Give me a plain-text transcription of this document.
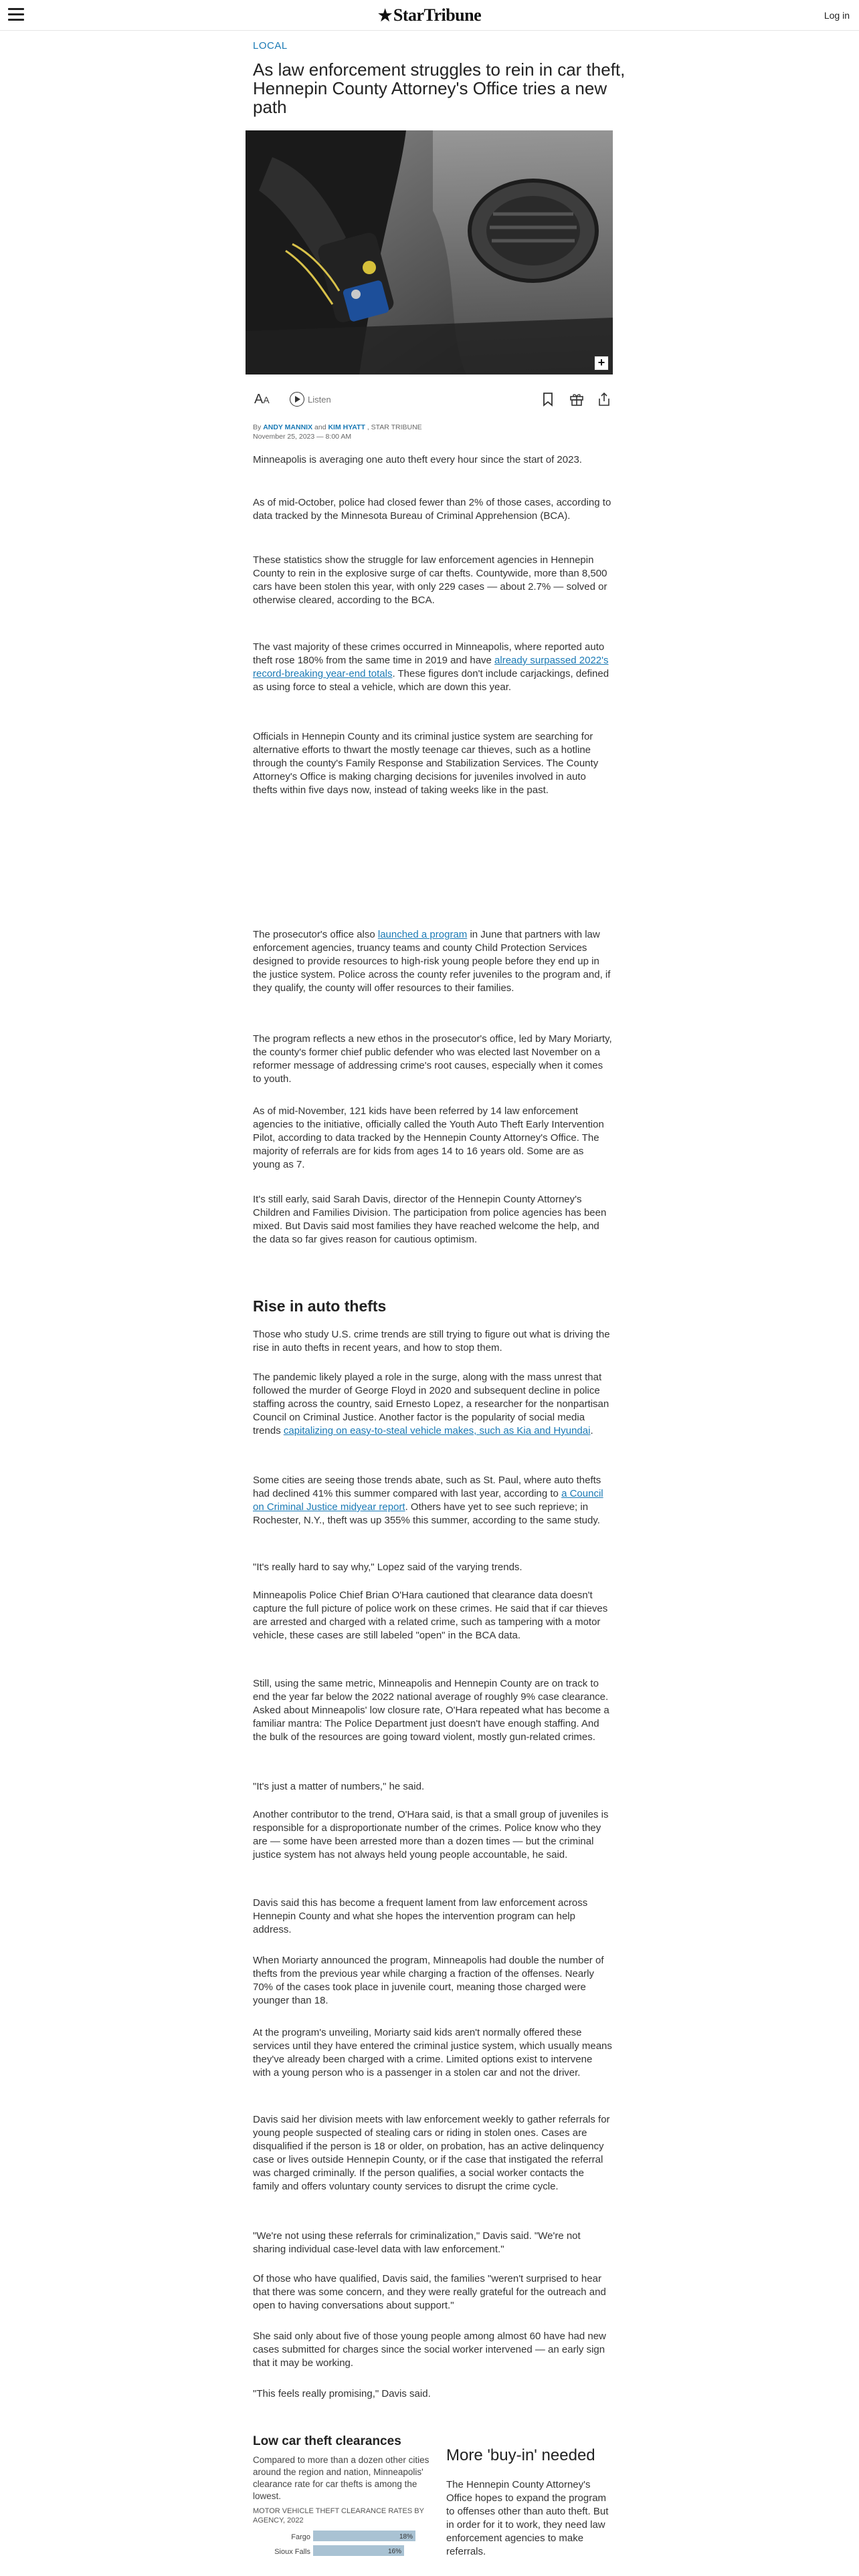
★StarTribune	Log in
LOCAL
As law enforcement struggles to rein in car theft, Hennepin County Attorney's Office tries a new path
+
AA	Listen
By ANDY MANNIX and KIM HYATT , STAR TRIBUNE
November 25, 2023 — 8:00 AM

Minneapolis is averaging one auto theft every hour since the start of 2023.

As of mid-October, police had closed fewer than 2% of those cases, according to data tracked by the Minnesota Bureau of Criminal Apprehension (BCA).

These statistics show the struggle for law enforcement agencies in Hennepin County to rein in the explosive surge of car thefts. Countywide, more than 8,500 cars have been stolen this year, with only 229 cases — about 2.7% — solved or otherwise cleared, according to the BCA.

The vast majority of these crimes occurred in Minneapolis, where reported auto theft rose 180% from the same time in 2019 and have already surpassed 2022's record-breaking year-end totals. These figures don't include carjackings, defined as using force to steal a vehicle, which are down this year.

Officials in Hennepin County and its criminal justice system are searching for alternative efforts to thwart the mostly teenage car thieves, such as a hotline through the county's Family Response and Stabilization Services. The County Attorney's Office is making charging decisions for juveniles involved in auto thefts within five days now, instead of taking weeks like in the past.

The prosecutor's office also launched a program in June that partners with law enforcement agencies, truancy teams and county Child Protection Services designed to provide resources to high-risk young people before they end up in the justice system. Police across the county refer juveniles to the program and, if they qualify, the county will offer resources to their families.

The program reflects a new ethos in the prosecutor's office, led by Mary Moriarty, the county's former chief public defender who was elected last November on a reformer message of addressing crime's root causes, especially when it comes to youth.

As of mid-November, 121 kids have been referred by 14 law enforcement agencies to the initiative, officially called the Youth Auto Theft Early Intervention Pilot, according to data tracked by the Hennepin County Attorney's Office. The majority of referrals are for kids from ages 14 to 16 years old. Some are as young as 7.

It's still early, said Sarah Davis, director of the Hennepin County Attorney's Children and Families Division. The participation from police agencies has been mixed. But Davis said most families they have reached welcome the help, and the data so far gives reason for cautious optimism.

Rise in auto thefts

Those who study U.S. crime trends are still trying to figure out what is driving the rise in auto thefts in recent years, and how to stop them.

The pandemic likely played a role in the surge, along with the mass unrest that followed the murder of George Floyd in 2020 and subsequent decline in police staffing across the country, said Ernesto Lopez, a researcher for the nonpartisan Council on Criminal Justice. Another factor is the popularity of social media trends capitalizing on easy-to-steal vehicle makes, such as Kia and Hyundai.

Some cities are seeing those trends abate, such as St. Paul, where auto thefts had declined 41% this summer compared with last year, according to a Council on Criminal Justice midyear report. Others have yet to see such reprieve; in Rochester, N.Y., theft was up 355% this summer, according to the same study.

"It's really hard to say why," Lopez said of the varying trends.

Minneapolis Police Chief Brian O'Hara cautioned that clearance data doesn't capture the full picture of police work on these crimes. He said that if car thieves are arrested and charged with a related crime, such as tampering with a motor vehicle, these cases are still labeled "open" in the BCA data.

Still, using the same metric, Minneapolis and Hennepin County are on track to end the year far below the 2022 national average of roughly 9% case clearance. Asked about Minneapolis' low closure rate, O'Hara repeated what has become a familiar mantra: The Police Department just doesn't have enough staffing. And the bulk of the resources are going toward violent, mostly gun-related crimes.

"It's just a matter of numbers," he said.

Another contributor to the trend, O'Hara said, is that a small group of juveniles is responsible for a disproportionate number of the crimes. Police know who they are — some have been arrested more than a dozen times — but the criminal justice system has not always held young people accountable, he said.

Davis said this has become a frequent lament from law enforcement across Hennepin County and what she hopes the intervention program can help address.

When Moriarty announced the program, Minneapolis had double the number of thefts from the previous year while charging a fraction of the offenses. Nearly 70% of the cases took place in juvenile court, meaning those charged were younger than 18.

At the program's unveiling, Moriarty said kids aren't normally offered these services until they have entered the criminal justice system, which usually means they've already been charged with a crime. Limited options exist to intervene with a young person who is a passenger in a stolen car and not the driver.

Davis said her division meets with law enforcement weekly to gather referrals for young people suspected of stealing cars or riding in stolen ones. Cases are disqualified if the person is 18 or older, on probation, has an active delinquency case or lives outside Hennepin County, or if the case that instigated the referral was charged criminally. If the person qualifies, a social worker contacts the family and offers voluntary county services to disrupt the crime cycle.

"We're not using these referrals for criminalization," Davis said. "We're not sharing individual case-level data with law enforcement."

Of those who have qualified, Davis said, the families "weren't surprised to hear that there was some concern, and they were really grateful for the outreach and open to having conversations about support."

She said only about five of those young people among almost 60 have had new cases submitted for charges since the social worker intervened — an early sign that it may be working.

"This feels really promising," Davis said.

Low car theft clearances
Compared to more than a dozen other cities around the region and nation, Minneapolis' clearance rate for car thefts is among the lowest.
MOTOR VEHICLE THEFT CLEARANCE RATES BY AGENCY, 2022
Fargo	18%
Sioux Falls	16%
More 'buy-in' needed
The Hennepin County Attorney's Office hopes to expand the program to offenses other than auto theft. But in order for it to work, they need law enforcement agencies to make referrals.
